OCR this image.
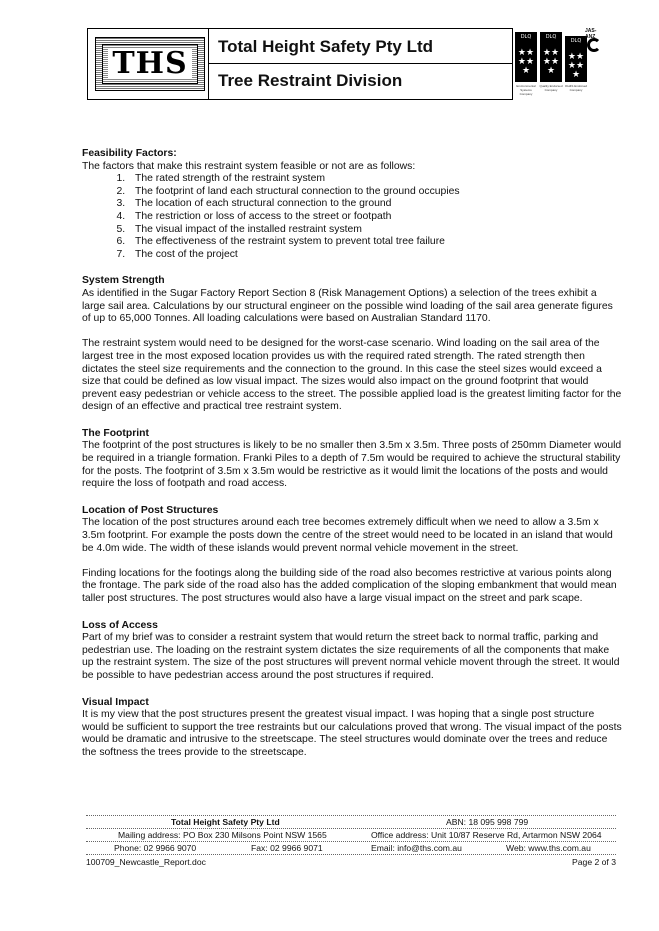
THS Total Height Safety Pty Ltd
Tree Restraint Division
DLQ
★★
★★
★
DLQ
★★
★★
★
DLQ
★★
★★
★
Environmental Systems Company
Quality Endorsed Company
OH&S Endorsed Company
JAS-ANZ
Feasibility Factors:

The factors that make this restraint system feasible or not are as follows:

1. The rated strength of the restraint system
2. The footprint of land each structural connection to the ground occupies
3. The location of each structural connection to the ground
4. The restriction or loss of access to the street or footpath
5. The visual impact of the installed restraint system
6. The effectiveness of the restraint system to prevent total tree failure
7. The cost of the project
System Strength

As identified in the Sugar Factory Report Section 8 (Risk Management Options) a selection of the trees exhibit a large sail area. Calculations by our structural engineer on the possible wind loading of the sail area generate figures of up to 65,000 Tonnes. All loading calculations were based on Australian Standard 1170.

The restraint system would need to be designed for the worst-case scenario. Wind loading on the sail area of the largest tree in the most exposed location provides us with the required rated strength. The rated strength then dictates the steel size requirements and the connection to the ground. In this case the steel sizes would exceed a size that could be defined as low visual impact. The sizes would also impact on the ground footprint that would prevent easy pedestrian or vehicle access to the street. The possible applied load is the greatest limiting factor for the design of an effective and practical tree restraint system.

The Footprint

The footprint of the post structures is likely to be no smaller then 3.5m x 3.5m. Three posts of 250mm Diameter would be required in a triangle formation. Franki Piles to a depth of 7.5m would be required to achieve the structural stability for the posts. The footprint of 3.5m x 3.5m would be restrictive as it would limit the locations of the posts and would require the loss of footpath and road access.

Location of Post Structures

The location of the post structures around each tree becomes extremely difficult when we need to allow a 3.5m x 3.5m footprint. For example the posts down the centre of the street would need to be located in an island that would be 4.0m wide. The width of these islands would prevent normal vehicle movement in the street.

Finding locations for the footings along the building side of the road also becomes restrictive at various points along the frontage. The park side of the road also has the added complication of the sloping embankment that would mean taller post structures. The post structures would also have a large visual impact on the street and park scape.

Loss of Access

Part of my brief was to consider a restraint system that would return the street back to normal traffic, parking and pedestrian use. The loading on the restraint system dictates the size requirements of all the components that make up the restraint system. The size of the post structures will prevent normal vehicle movent through the street. It would be possible to have pedestrian access around the post structures if required.

Visual Impact

It is my view that the post structures present the greatest visual impact. I was hoping that a single post structure would be sufficient to support the tree restraints but our calculations proved that wrong. The visual impact of the posts would be dramatic and intrusive to the streetscape. The steel structures would dominate over the trees and reduce the softness the trees provide to the streetscape.

Total Height Safety Pty Ltd	ABN: 18 095 998 799
Mailing address: PO Box 230 Milsons Point NSW 1565	Office address: Unit 10/87 Reserve Rd, Artarmon NSW 2064
Phone: 02 9966 9070	Fax: 02 9966 9071	Email: info@ths.com.au	Web: www.ths.com.au
100709_Newcastle_Report.doc	Page 2 of 3
